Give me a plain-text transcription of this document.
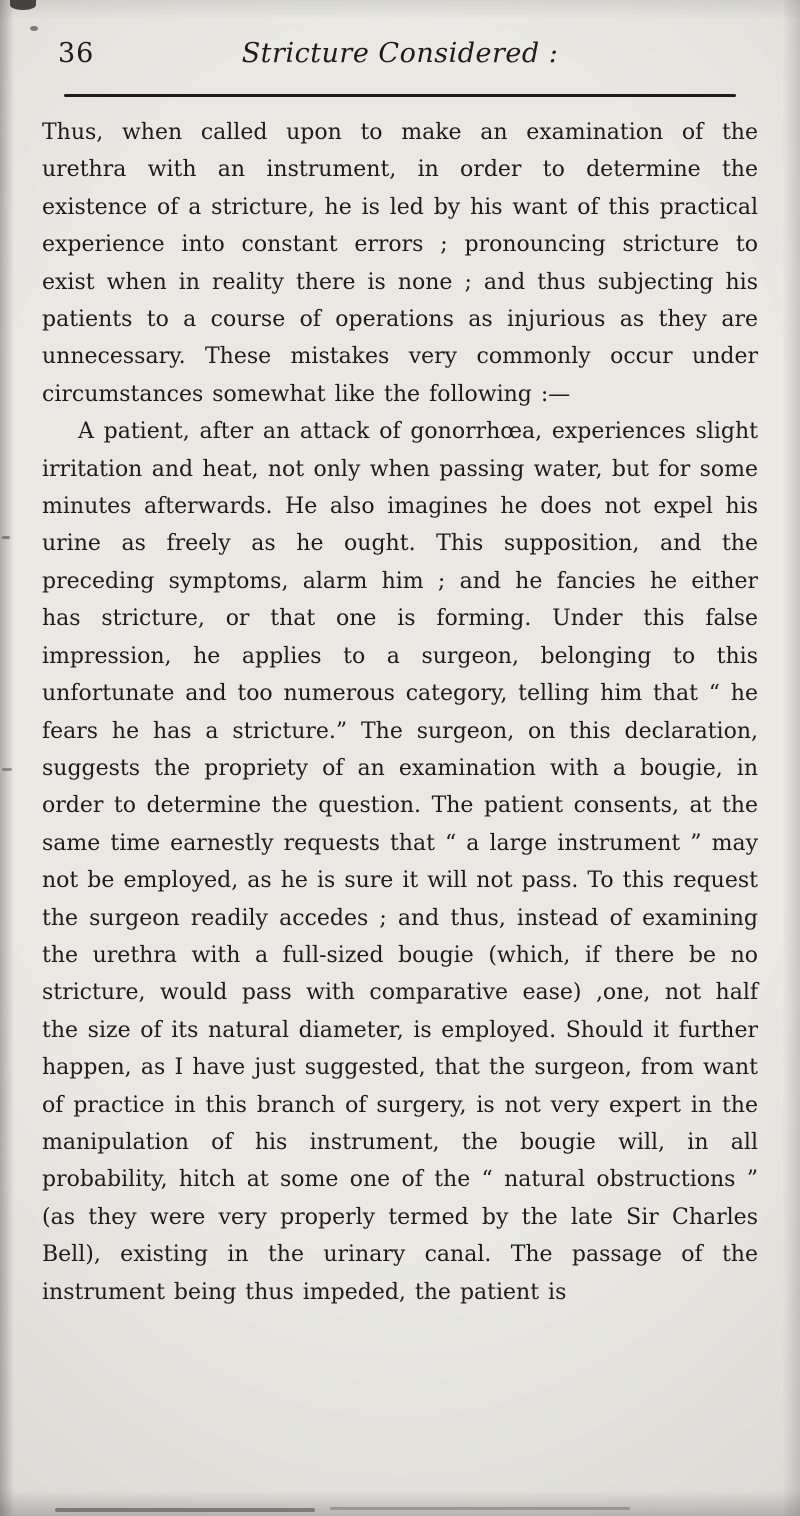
36	Stricture Considered :

Thus, when called upon to make an examination of the urethra with an instrument, in order to determine the existence of a stricture, he is led by his want of this practical experience into constant errors ; pronouncing stricture to exist when in reality there is none ; and thus subjecting his patients to a course of operations as injurious as they are unnecessary. These mistakes very commonly occur under circumstances somewhat like the following :—

A patient, after an attack of gonorrhœa, experiences slight irritation and heat, not only when passing water, but for some minutes afterwards. He also imagines he does not expel his urine as freely as he ought. This supposition, and the preceding symptoms, alarm him ; and he fancies he either has stricture, or that one is forming. Under this false impression, he applies to a surgeon, belonging to this unfortunate and too numerous category, telling him that “ he fears he has a stricture.” The surgeon, on this declaration, suggests the propriety of an examination with a bougie, in order to determine the question. The patient consents, at the same time earnestly requests that “ a large instrument ” may not be employed, as he is sure it will not pass. To this request the surgeon readily accedes ; and thus, instead of examining the urethra with a full-sized bougie (which, if there be no stricture, would pass with comparative ease) ,one, not half the size of its natural diameter, is employed. Should it further happen, as I have just suggested, that the surgeon, from want of practice in this branch of surgery, is not very expert in the manipulation of his instrument, the bougie will, in all probability, hitch at some one of the “ natural obstructions ” (as they were very properly termed by the late Sir Charles Bell), existing in the urinary canal. The passage of the instrument being thus impeded, the patient is
